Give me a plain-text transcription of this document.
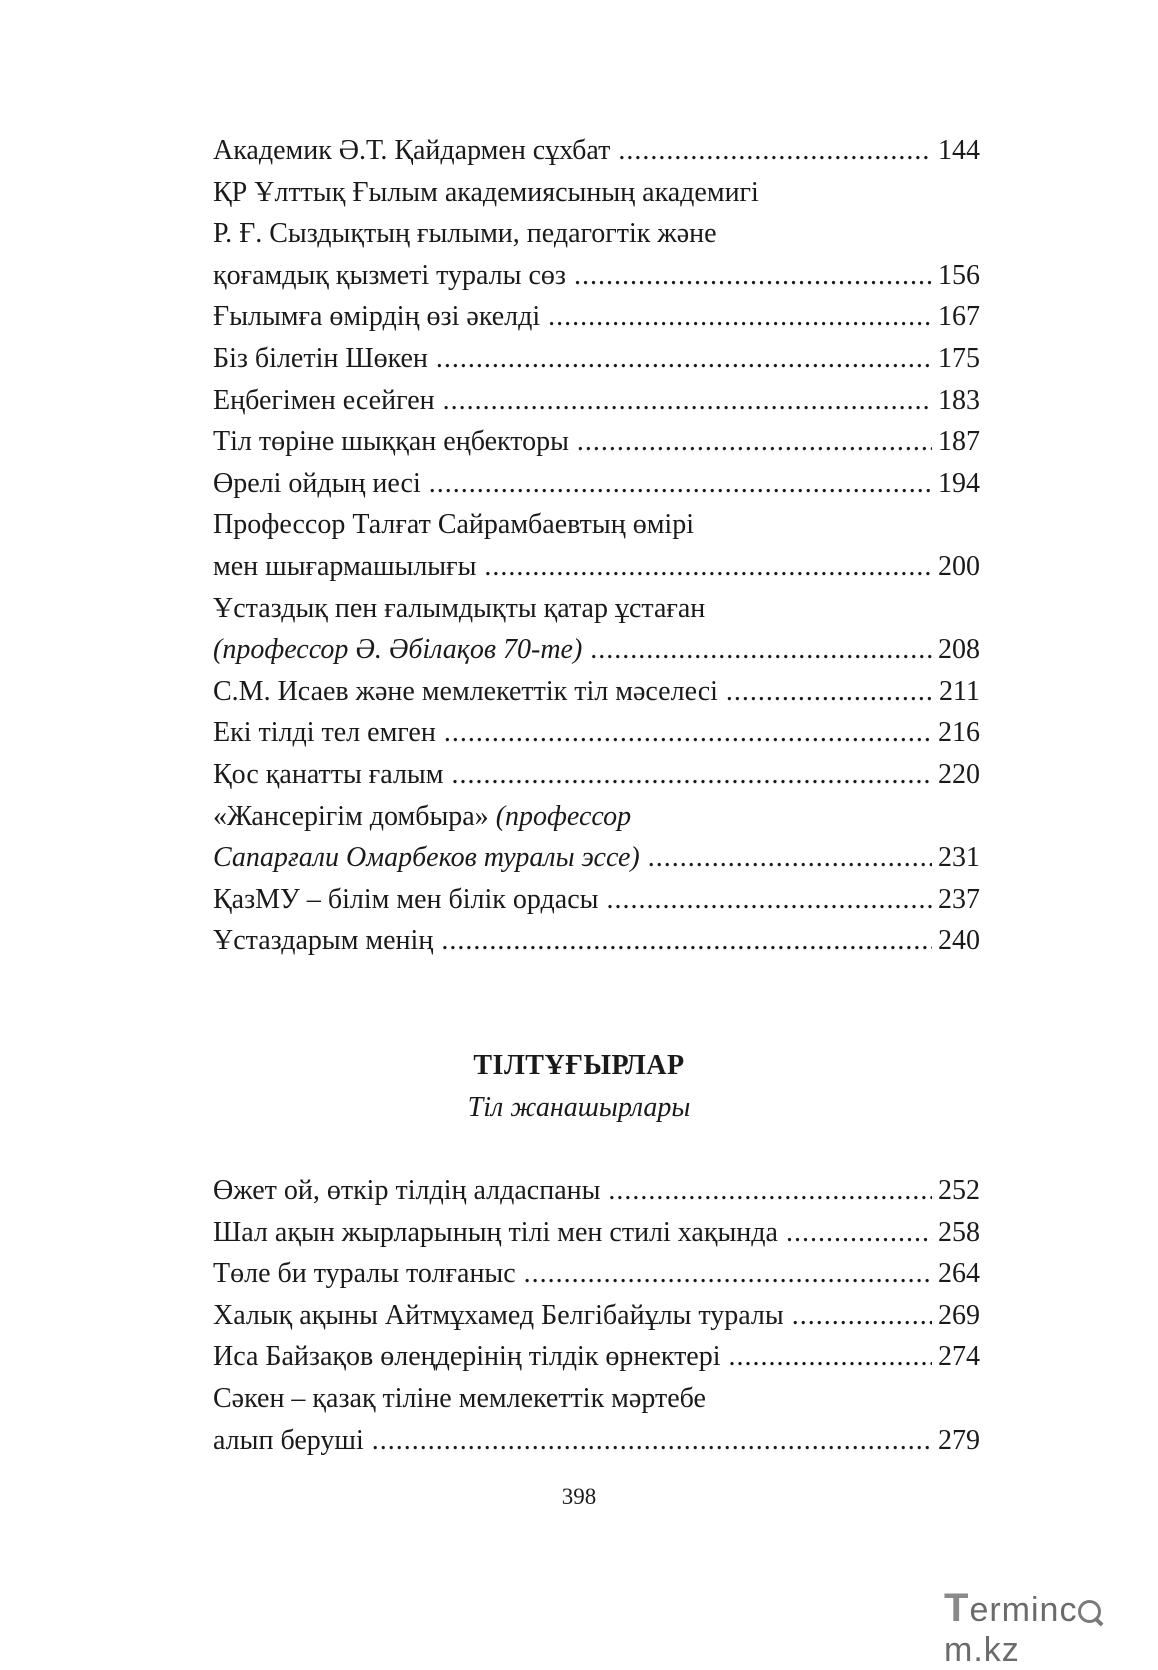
Академик Ә.Т. Қайдармен сұхбат .....	144
ҚР Ұлттық Ғылым академиясының академигі
Р. Ғ. Сыздықтың ғылыми, педагогтік және
қоғамдық қызметі туралы сөз .....	156
Ғылымға өмірдің өзі әкелді .....	167
Біз білетін Шөкен .....	175
Еңбегімен есейген .....	183
Тіл төріне шыққан еңбекторы .....	187
Өрелі ойдың иесі .....	194
Профессор Талғат Сайрамбаевтың өмірі
мен шығармашылығы .....	200
Ұстаздық пен ғалымдықты қатар ұстаған
(профессор Ә. Әбілақов 70-те) .....	208
С.М. Исаев және мемлекеттік тіл мәселесі .....	211
Екі тілді тел емген .....	216
Қос қанатты ғалым .....	220
«Жансерігім домбыра» (профессор
Сапарғали Омарбеков туралы эссе) .....	231
ҚазМУ – білім мен білік ордасы .....	237
Ұстаздарым менің .....	240
ТІЛТҰҒЫРЛАР
Тіл жанашырлары
Өжет ой, өткір тілдің алдаспаны .....	252
Шал ақын жырларының тілі мен стилі хақында .....	258
Төле би туралы толғаныс .....	264
Халық ақыны Айтмұхамед Белгібайұлы туралы .....	269
Иса Байзақов өлеңдерінің тілдік өрнектері .....	274
Сәкен – қазақ тіліне мемлекеттік мәртебе
алып беруші .....	279
398
Termincm.kz
